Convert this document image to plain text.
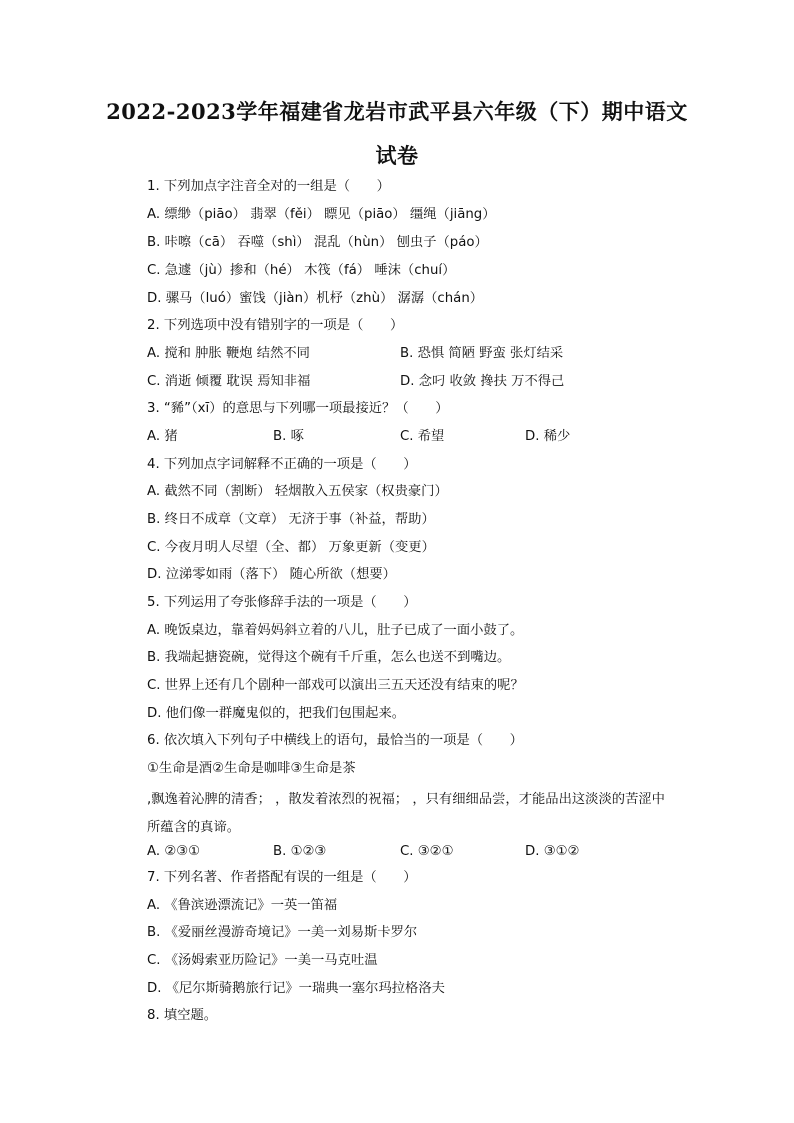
2022-2023学年福建省龙岩市武平县六年级（下）期中语文
试卷
1. 下列加点字注音全对的一组是（　　）
A. 缥缈（piāo） 翡翠（fěi） 瞟见（piāo） 缰绳（jiāng）
B. 咔嚓（cā） 吞噬（shì） 混乱（hùn） 刨虫子（páo）
C. 急遽（jù）掺和（hé） 木筏（fá） 唾沫（chuí）
D. 骡马（luó）蜜饯（jiàn）机杼（zhù） 潺潺（chán）
2. 下列选项中没有错别字的一项是（　　）
A. 搅和 肿胀 鞭炮 结然不同	B. 恐惧 简陋 野蛮 张灯结采
C. 消逝 倾覆 耽误 焉知非福	D. 念叼 收敛 搀扶 万不得己
3. “豨”（xī）的意思与下列哪一项最接近？（　　）
A. 猪	B. 啄	C. 希望	D. 稀少
4. 下列加点字词解释不正确的一项是（　　）
A. 截然不同（割断） 轻烟散入五侯家（权贵豪门）
B. 终日不成章（文章） 无济于事（补益，帮助）
C. 今夜月明人尽望（全、都） 万象更新（变更）
D. 泣涕零如雨（落下） 随心所欲（想要）
5. 下列运用了夸张修辞手法的一项是（　　）
A. 晚饭桌边，靠着妈妈斜立着的八儿，肚子已成了一面小鼓了。
B. 我端起搪瓷碗，觉得这个碗有千斤重，怎么也送不到嘴边。
C. 世界上还有几个剧种一部戏可以演出三五天还没有结束的呢？
D. 他们像一群魔鬼似的，把我们包围起来。
6. 依次填入下列句子中横线上的语句，最恰当的一项是（　　）
①生命是酒②生命是咖啡③生命是茶
,飘逸着沁脾的清香； ，散发着浓烈的祝福； ，只有细细品尝，才能品出这淡淡的苦涩中所蕴含的真谛。
A. ②③①	B. ①②③	C. ③②①	D. ③①②
7. 下列名著、作者搭配有误的一组是（　　）
A. 《鲁滨逊漂流记》一英一笛福
B. 《爱丽丝漫游奇境记》一美一刘易斯卡罗尔
C. 《汤姆索亚历险记》一美一马克吐温
D. 《尼尔斯骑鹅旅行记》一瑞典一塞尔玛拉格洛夫
8. 填空题。
